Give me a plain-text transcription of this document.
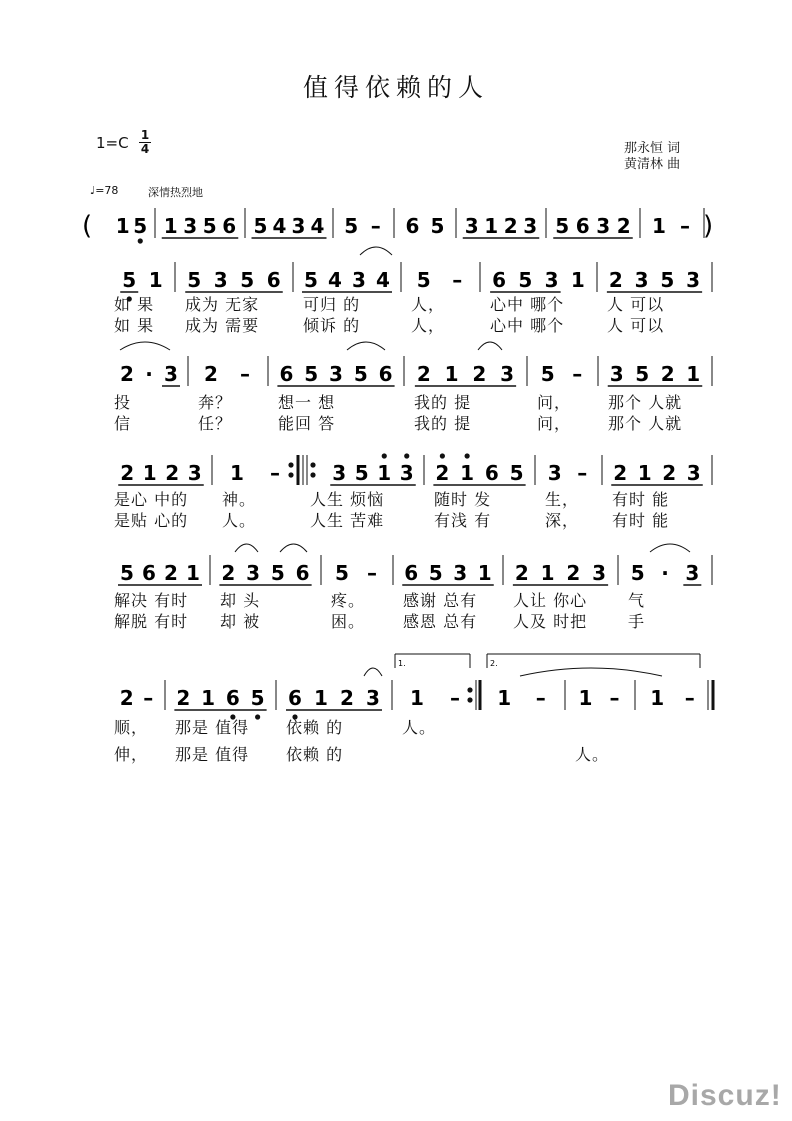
值得依赖的人
$1=C \frac{1}{4}$	那永恒 词
黄清林 曲
♩=78	深情热烈地
(	)
1 5 1 3 5 6 5 4 3 4 5 – 6 5 3 1 2 3 5 6 3 2 1 –
5 1 5 3 5 6 5 4 3 4 5 – 6 5 3 1 2 3 5 3
2 · 3 2 – 6 5 3 5 6 2 1 2 3 5 – 3 5 2 1
2 1 2 3 1 –	3 5 1 3 2 1 6 5 3 – 2 1 2 3
5 6 2 1 2 3 5 6 5 – 6 5 3 1 2 1 2 3 5 · 3
2 – 2 1 6 5 6 1 2 3 1 – 1 – 1 – 1 –
1.	2.
如 果 成为 无家	可归 的	人，	心中 哪个	人 可以
如 果 成为 需要	倾诉 的	人，	心中 哪个	人 可以
投	奔？	想一 想	我的 提	问， 那个 人就
信	任？	能回 答	我的 提	问， 那个 人就
是心 中的 神。	人生 烦恼	随时 发	生， 有时 能
是贴 心的 人。	人生 苦难	有浅 有	深， 有时 能
解决 有时 却 头	疼。 感谢 总有 人让 你心	气
解脱 有时 却 被	困。 感恩 总有 人及 时把	手
顺， 那是 值得 依赖 的	人。
伸， 那是 值得 依赖 的	人。
Discuz!
